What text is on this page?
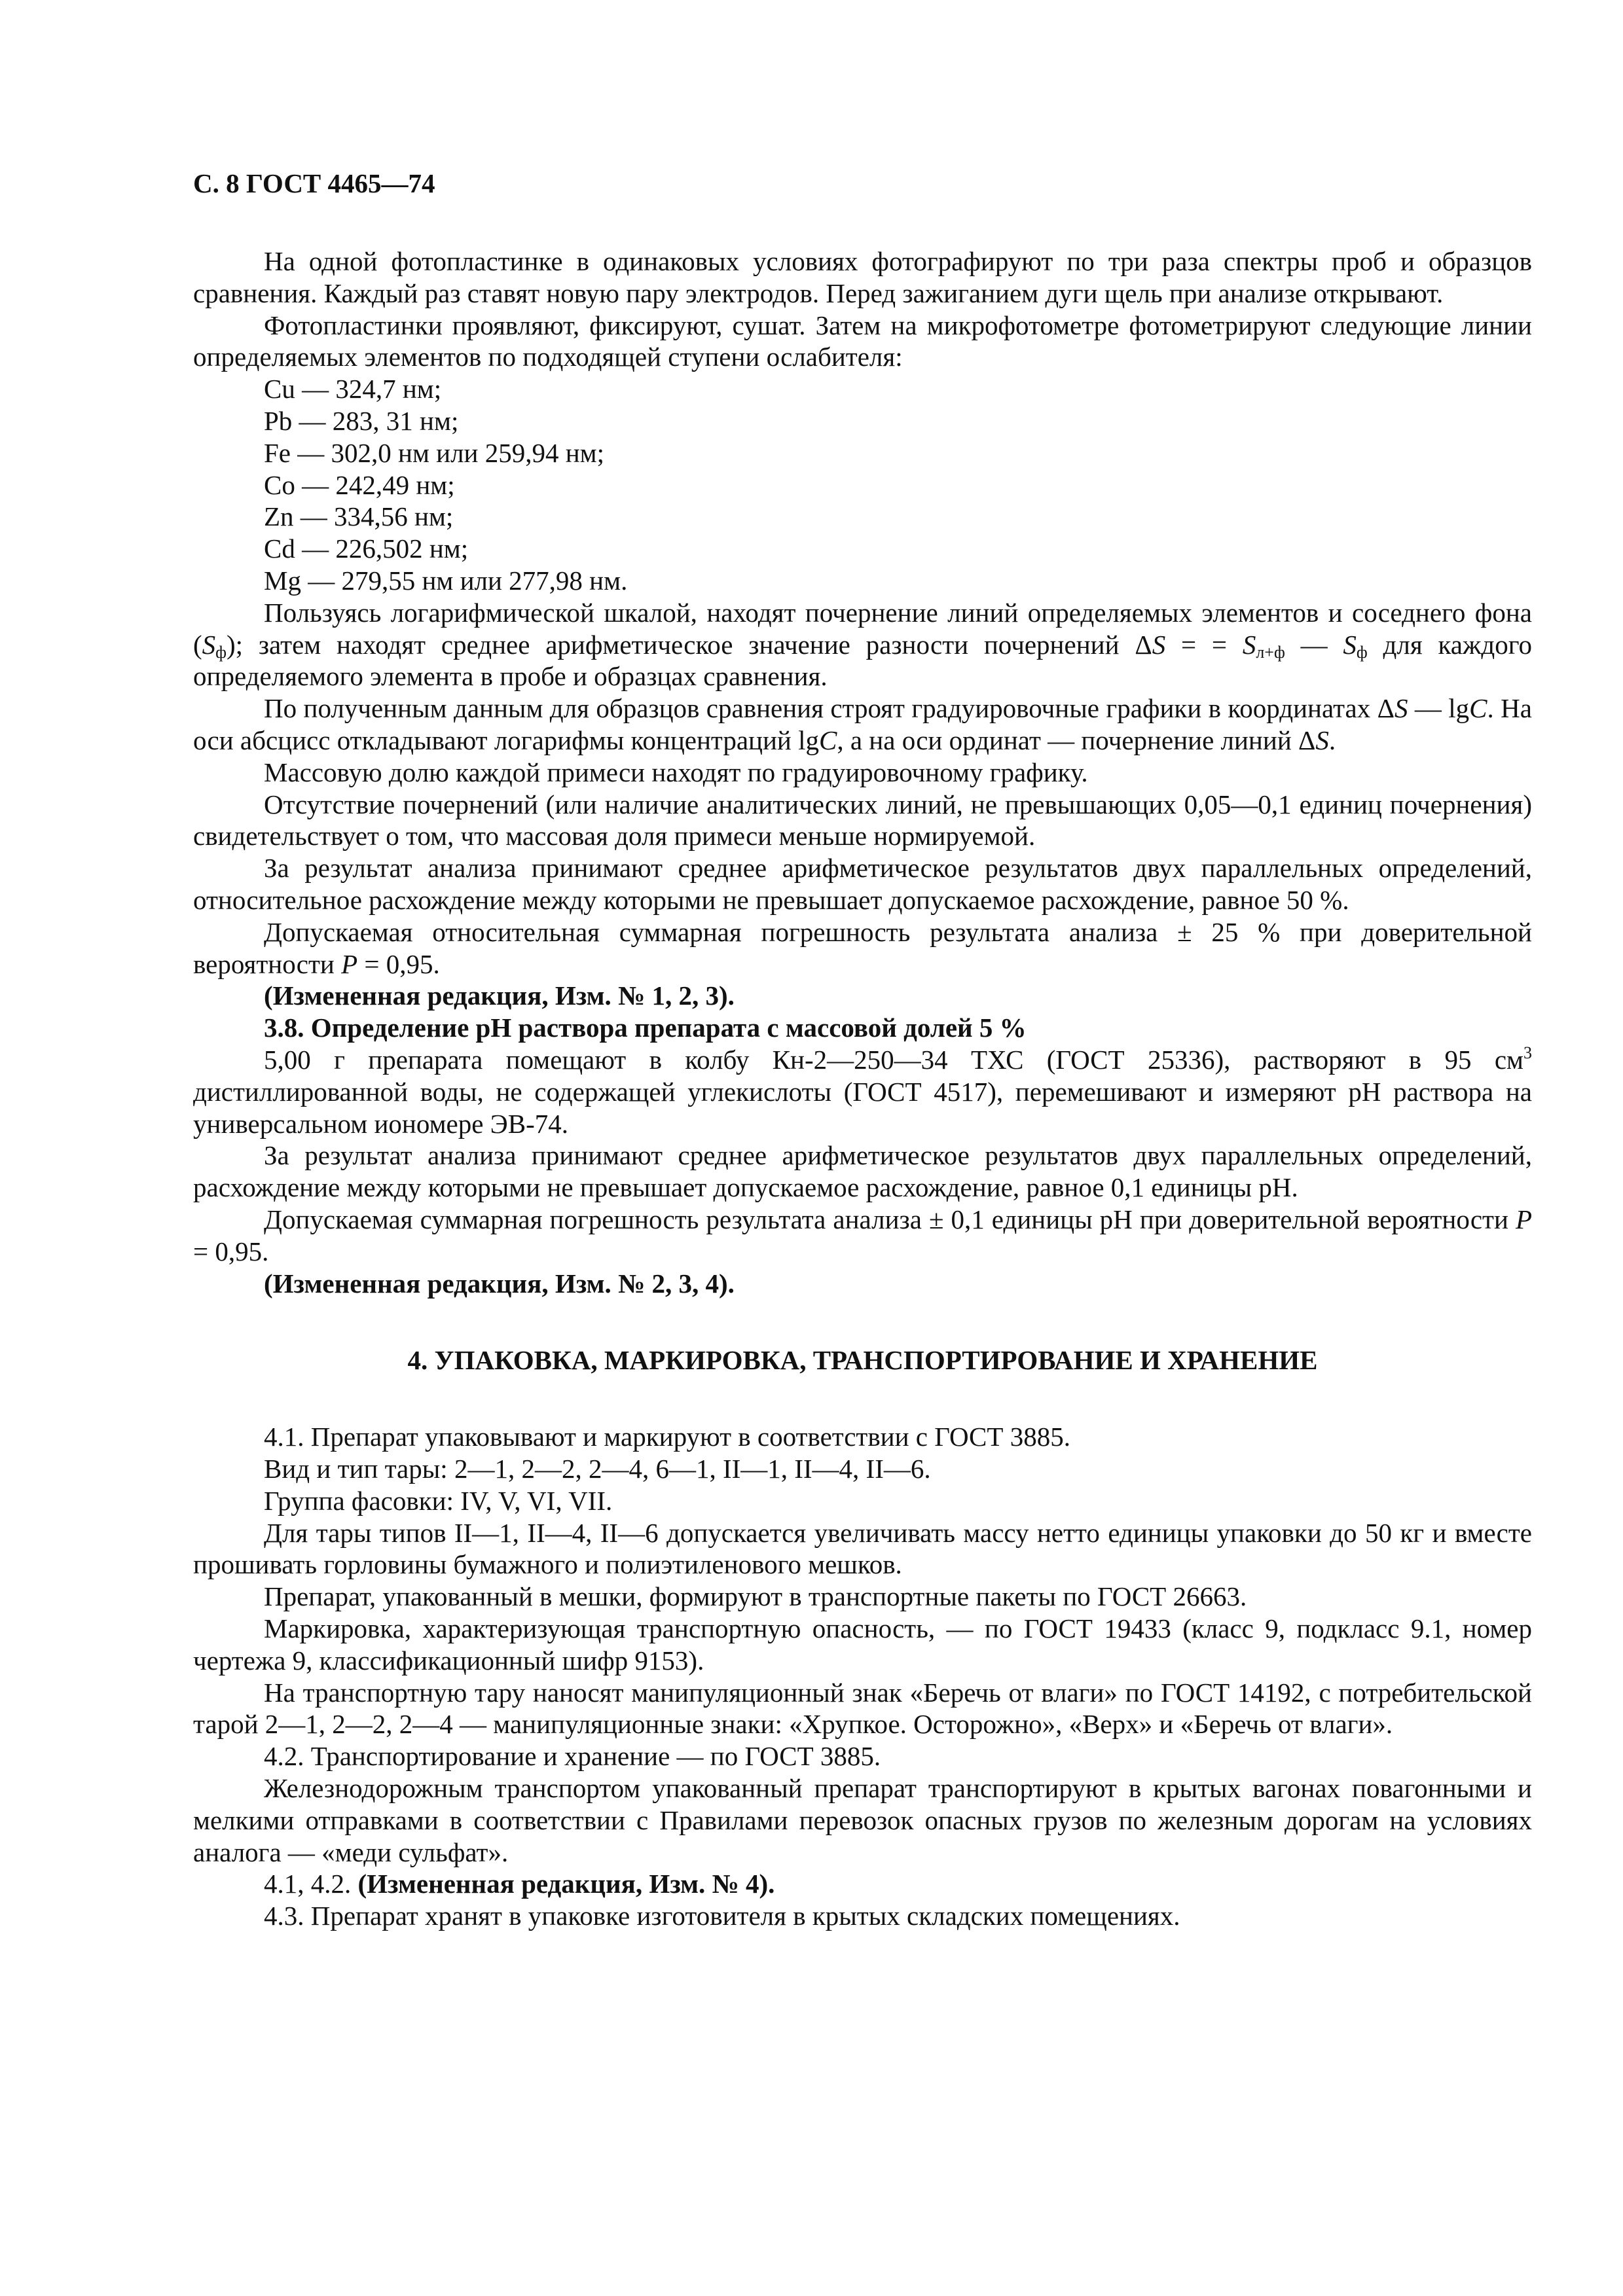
С. 8 ГОСТ 4465—74

На одной фотопластинке в одинаковых условиях фотографируют по три раза спектры проб и образцов сравнения. Каждый раз ставят новую пару электродов. Перед зажиганием дуги щель при анализе открывают.

Фотопластинки проявляют, фиксируют, сушат. Затем на микрофотометре фотометрируют следующие линии определяемых элементов по подходящей ступени ослабителя:

Cu — 324,7 нм;

Pb — 283, 31 нм;

Fe — 302,0 нм или 259,94 нм;

Co — 242,49 нм;

Zn — 334,56 нм;

Cd — 226,502 нм;

Mg — 279,55 нм или 277,98 нм.

Пользуясь логарифмической шкалой, находят почернение линий определяемых элементов и соседнего фона $(S_ф)$; затем находят среднее арифметическое значение разности почернений ΔS = = $S_{л+ф}$ — $S_ф$ для каждого определяемого элемента в пробе и образцах сравнения.

По полученным данным для образцов сравнения строят градуировочные графики в координатах ΔS — lgC. На оси абсцисс откладывают логарифмы концентраций lgC, а на оси ординат — почернение линий ΔS.

Массовую долю каждой примеси находят по градуировочному графику.

Отсутствие почернений (или наличие аналитических линий, не превышающих 0,05—0,1 единиц почернения) свидетельствует о том, что массовая доля примеси меньше нормируемой.

За результат анализа принимают среднее арифметическое результатов двух параллельных определений, относительное расхождение между которыми не превышает допускаемое расхождение, равное 50 %.

Допускаемая относительная суммарная погрешность результата анализа ± 25 % при доверительной вероятности P = 0,95.

(Измененная редакция, Изм. № 1, 2, 3).

3.8. Определение pH раствора препарата с массовой долей 5 %

5,00 г препарата помещают в колбу Кн-2—250—34 ТХС (ГОСТ 25336), растворяют в 95 $см^3$ дистиллированной воды, не содержащей углекислоты (ГОСТ 4517), перемешивают и измеряют pH раствора на универсальном иономере ЭВ-74.

За результат анализа принимают среднее арифметическое результатов двух параллельных определений, расхождение между которыми не превышает допускаемое расхождение, равное 0,1 единицы pH.

Допускаемая суммарная погрешность результата анализа ± 0,1 единицы pH при доверительной вероятности P = 0,95.

(Измененная редакция, Изм. № 2, 3, 4).

4. УПАКОВКА, МАРКИРОВКА, ТРАНСПОРТИРОВАНИЕ И ХРАНЕНИЕ

4.1. Препарат упаковывают и маркируют в соответствии с ГОСТ 3885.

Вид и тип тары: 2—1, 2—2, 2—4, 6—1, II—1, II—4, II—6.

Группа фасовки: IV, V, VI, VII.

Для тары типов II—1, II—4, II—6 допускается увеличивать массу нетто единицы упаковки до 50 кг и вместе прошивать горловины бумажного и полиэтиленового мешков.

Препарат, упакованный в мешки, формируют в транспортные пакеты по ГОСТ 26663.

Маркировка, характеризующая транспортную опасность, — по ГОСТ 19433 (класс 9, подкласс 9.1, номер чертежа 9, классификационный шифр 9153).

На транспортную тару наносят манипуляционный знак «Беречь от влаги» по ГОСТ 14192, с потребительской тарой 2—1, 2—2, 2—4 — манипуляционные знаки: «Хрупкое. Осторожно», «Верх» и «Беречь от влаги».

4.2. Транспортирование и хранение — по ГОСТ 3885.

Железнодорожным транспортом упакованный препарат транспортируют в крытых вагонах повагонными и мелкими отправками в соответствии с Правилами перевозок опасных грузов по железным дорогам на условиях аналога — «меди сульфат».

4.1, 4.2. (Измененная редакция, Изм. № 4).

4.3. Препарат хранят в упаковке изготовителя в крытых складских помещениях.
